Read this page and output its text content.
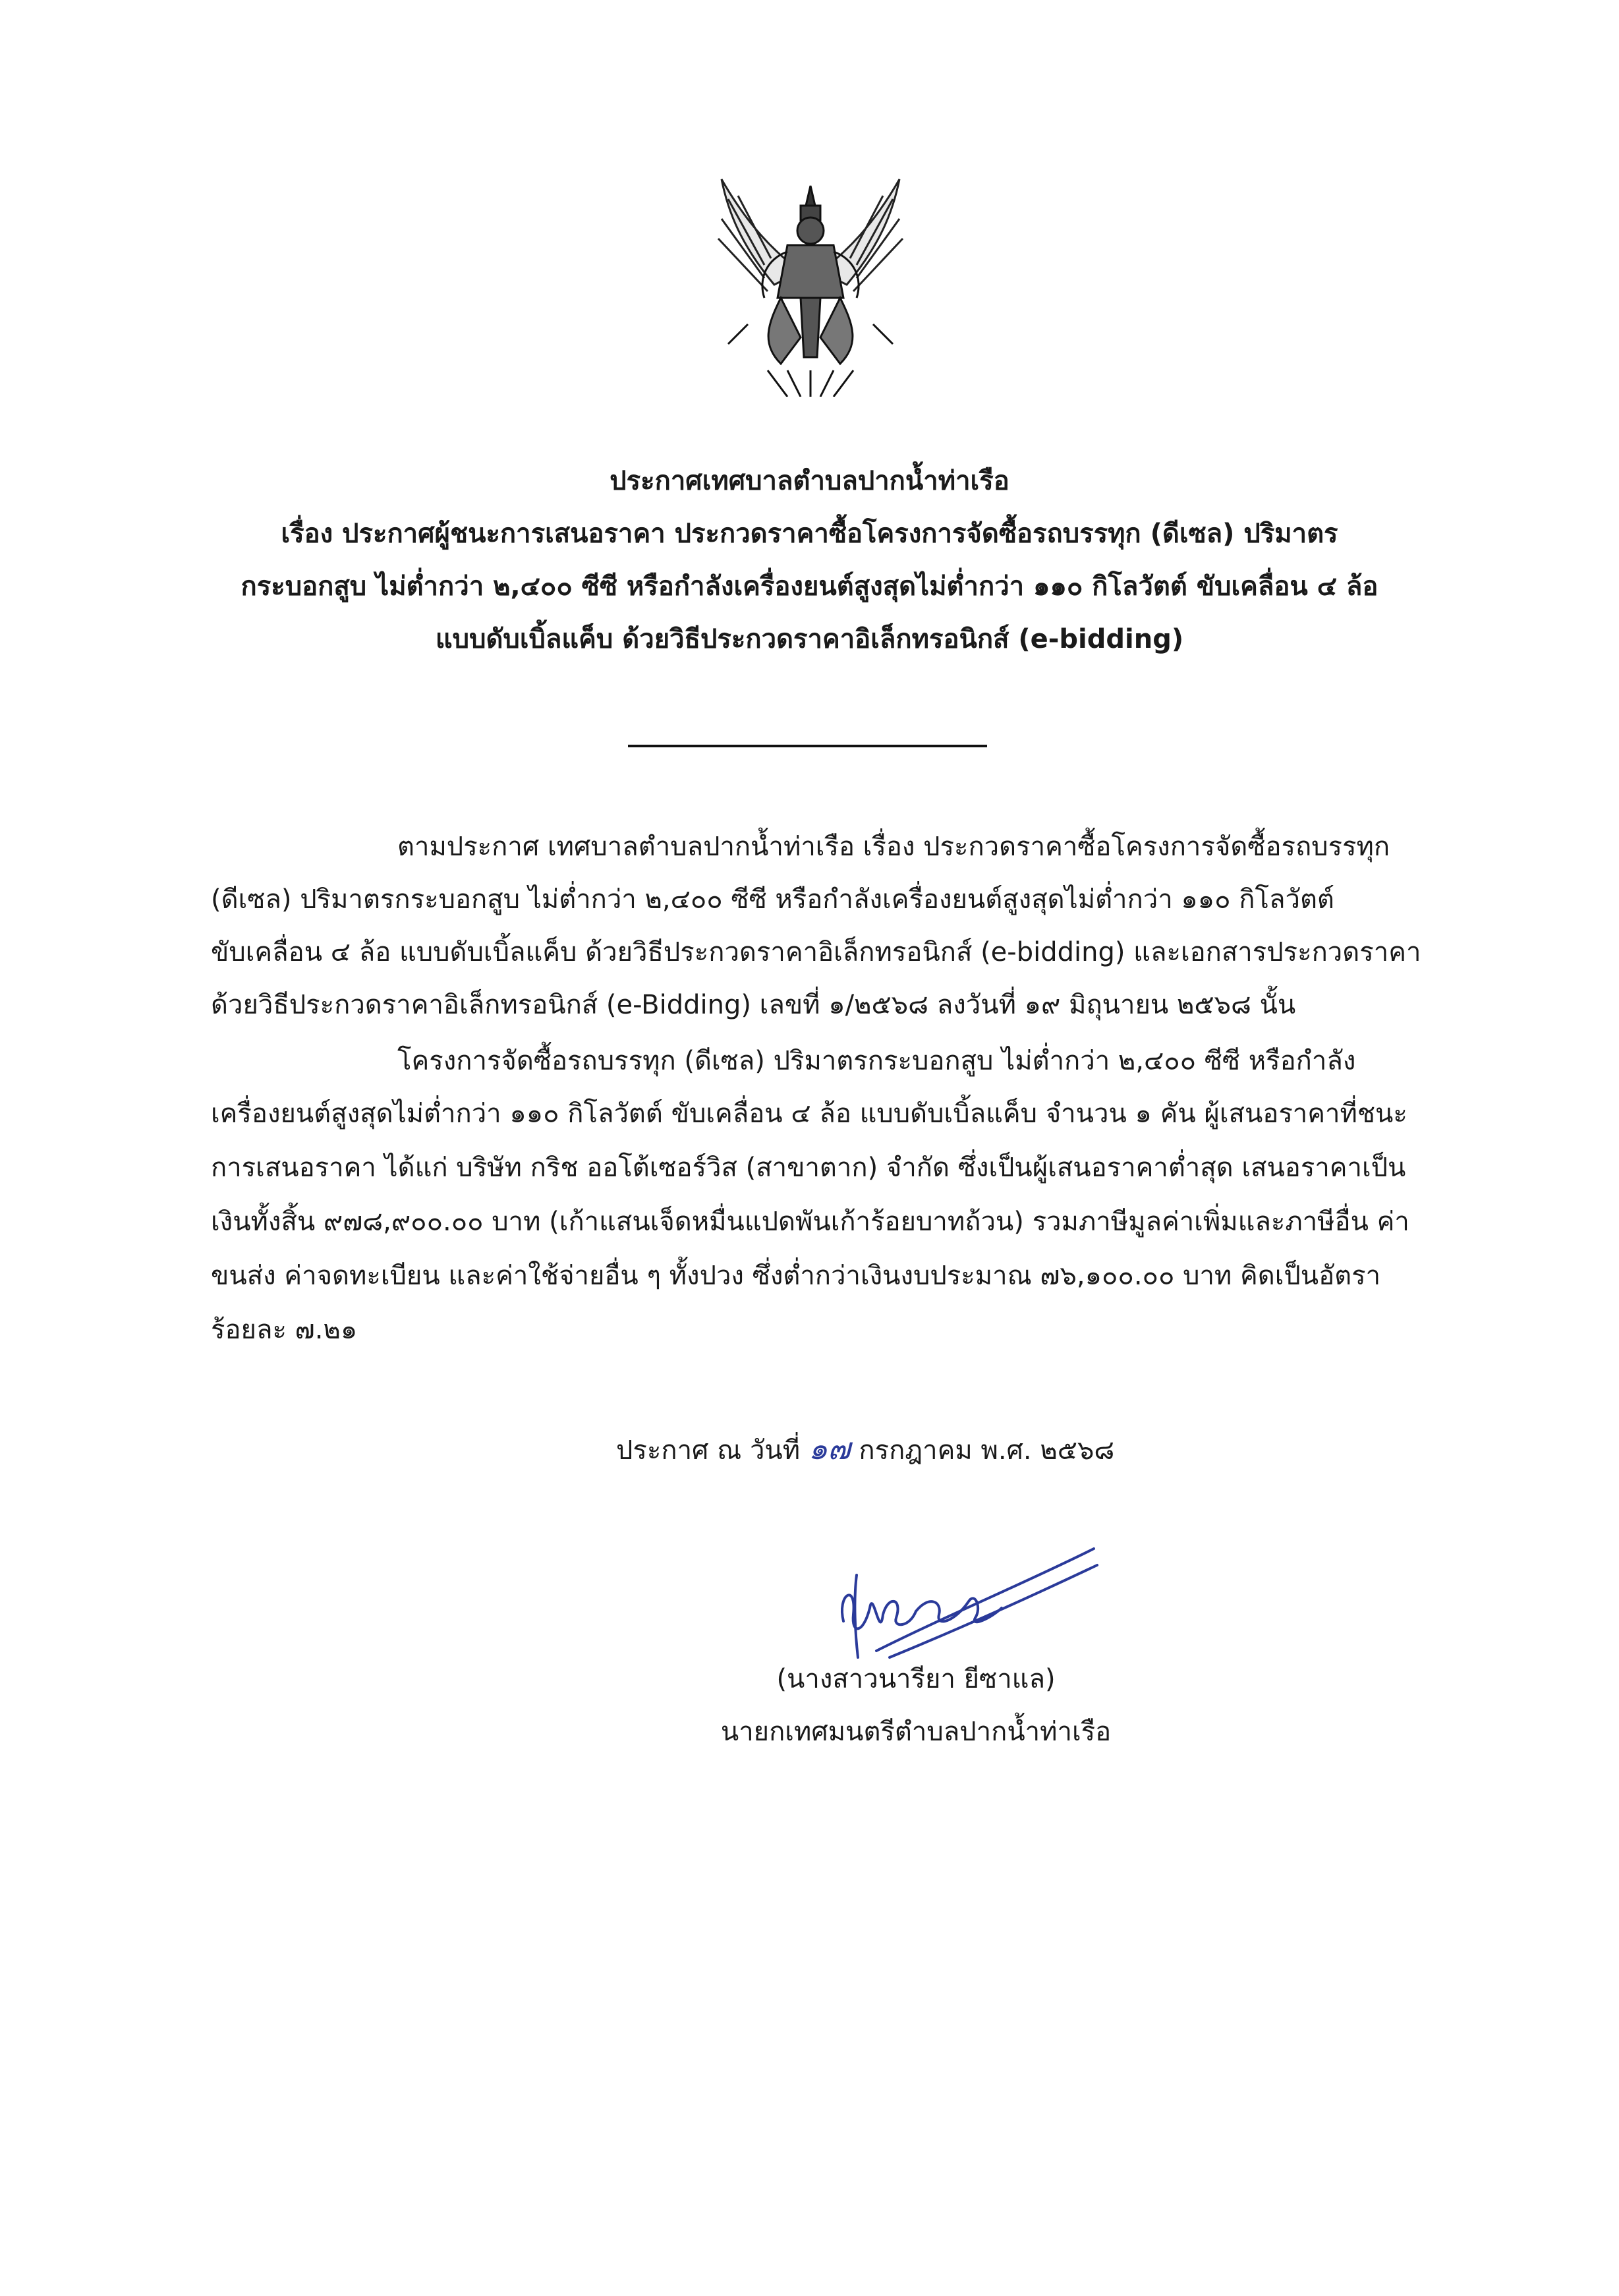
ประกาศเทศบาลตำบลปากน้ำท่าเรือ
เรื่อง ประกาศผู้ชนะการเสนอราคา ประกวดราคาซื้อโครงการจัดซื้อรถบรรทุก (ดีเซล) ปริมาตร
กระบอกสูบ ไม่ต่ำกว่า ๒,๔๐๐ ซีซี หรือกำลังเครื่องยนต์สูงสุดไม่ต่ำกว่า ๑๑๐ กิโลวัตต์ ขับเคลื่อน ๔ ล้อ
แบบดับเบิ้ลแค็บ ด้วยวิธีประกวดราคาอิเล็กทรอนิกส์ (e-bidding)
ตามประกาศ เทศบาลตำบลปากน้ำท่าเรือ เรื่อง ประกวดราคาซื้อโครงการจัดซื้อรถบรรทุก
(ดีเซล) ปริมาตรกระบอกสูบ ไม่ต่ำกว่า ๒,๔๐๐ ซีซี หรือกำลังเครื่องยนต์สูงสุดไม่ต่ำกว่า ๑๑๐ กิโลวัตต์
ขับเคลื่อน ๔ ล้อ แบบดับเบิ้ลแค็บ ด้วยวิธีประกวดราคาอิเล็กทรอนิกส์ (e-bidding) และเอกสารประกวดราคา
ด้วยวิธีประกวดราคาอิเล็กทรอนิกส์ (e-Bidding) เลขที่ ๑/๒๕๖๘ ลงวันที่ ๑๙ มิถุนายน ๒๕๖๘ นั้น
โครงการจัดซื้อรถบรรทุก (ดีเซล) ปริมาตรกระบอกสูบ ไม่ต่ำกว่า ๒,๔๐๐ ซีซี หรือกำลัง
เครื่องยนต์สูงสุดไม่ต่ำกว่า ๑๑๐ กิโลวัตต์ ขับเคลื่อน ๔ ล้อ แบบดับเบิ้ลแค็บ จำนวน ๑ คัน ผู้เสนอราคาที่ชนะ
การเสนอราคา ได้แก่ บริษัท กริช ออโต้เซอร์วิส (สาขาตาก) จำกัด ซึ่งเป็นผู้เสนอราคาต่ำสุด เสนอราคาเป็น
เงินทั้งสิ้น ๙๗๘,๙๐๐.๐๐ บาท (เก้าแสนเจ็ดหมื่นแปดพันเก้าร้อยบาทถ้วน) รวมภาษีมูลค่าเพิ่มและภาษีอื่น ค่า
ขนส่ง ค่าจดทะเบียน และค่าใช้จ่ายอื่น ๆ ทั้งปวง ซึ่งต่ำกว่าเงินงบประมาณ ๗๖,๑๐๐.๐๐ บาท คิดเป็นอัตรา
ร้อยละ ๗.๒๑
ประกาศ ณ วันที่ ๑๗ กรกฎาคม พ.ศ. ๒๕๖๘
(นางสาวนารียา ยีซาแล)
นายกเทศมนตรีตำบลปากน้ำท่าเรือ
